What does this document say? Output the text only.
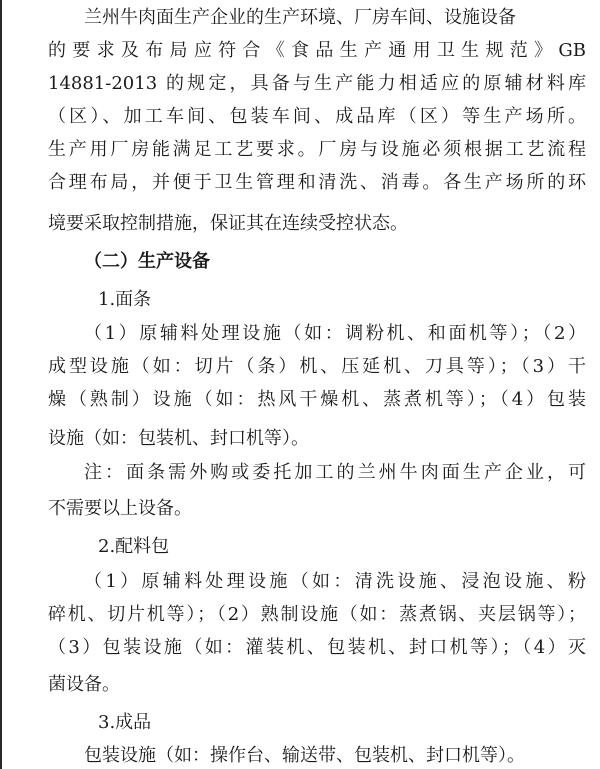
兰州牛肉面生产企业的生产环境、厂房车间、设施设备
的要求及布局应符合《食品生产通用卫生规范》GB
14881-2013 的规定，具备与生产能力相适应的原辅材料库
（区）、加工车间、包装车间、成品库（区）等生产场所。
生产用厂房能满足工艺要求。厂房与设施必须根据工艺流程
合理布局，并便于卫生管理和清洗、消毒。各生产场所的环
境要采取控制措施，保证其在连续受控状态。
（二）生产设备
1.面条
（1）原辅料处理设施（如：调粉机、和面机等）；（2）
成型设施（如：切片（条）机、压延机、刀具等）；（3）干
燥（熟制）设施（如：热风干燥机、蒸煮机等）；（4）包装
设施（如：包装机、封口机等）。
注：面条需外购或委托加工的兰州牛肉面生产企业，可
不需要以上设备。
2.配料包
（1）原辅料处理设施（如：清洗设施、浸泡设施、粉
碎机、切片机等）；（2）熟制设施（如：蒸煮锅、夹层锅等）；
（3）包装设施（如：灌装机、包装机、封口机等）；（4）灭
菌设备。
3.成品
包装设施（如：操作台、输送带、包装机、封口机等）。
